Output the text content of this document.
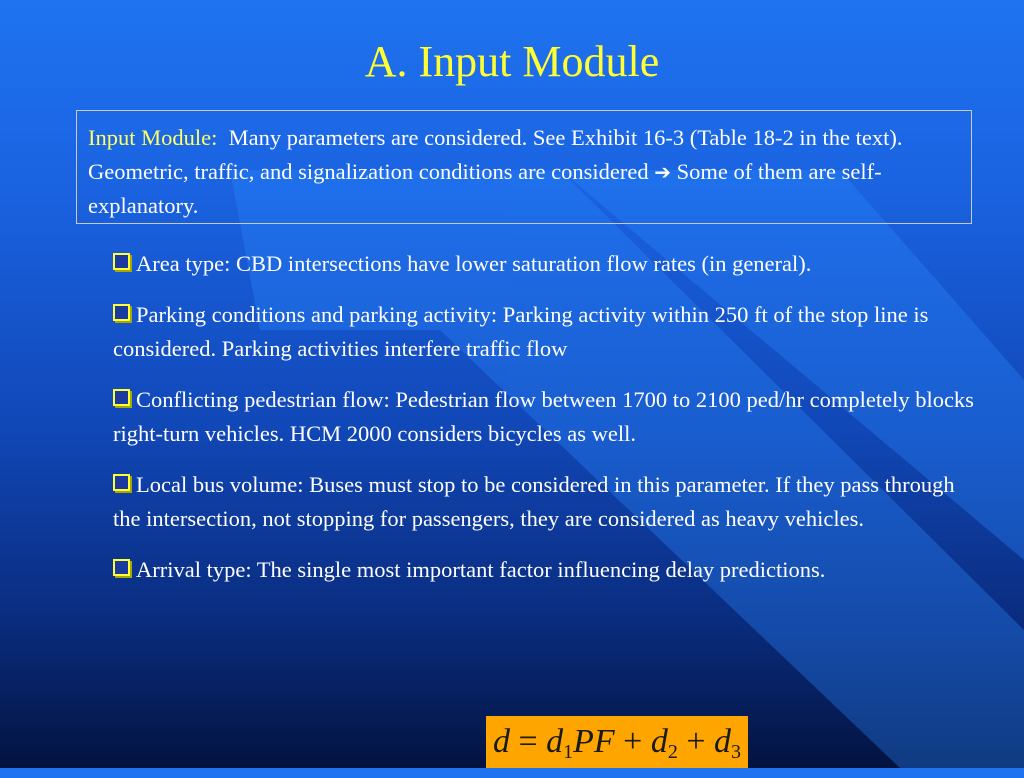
A. Input Module
Input Module: Many parameters are considered. See Exhibit 16-3 (Table 18-2 in the text). Geometric, traffic, and signalization conditions are considered ➔ Some of them are self-explanatory.
Area type: CBD intersections have lower saturation flow rates (in general).
Parking conditions and parking activity: Parking activity within 250 ft of the stop line is considered. Parking activities interfere traffic flow
Conflicting pedestrian flow: Pedestrian flow between 1700 to 2100 ped/hr completely blocks right-turn vehicles. HCM 2000 considers bicycles as well.
Local bus volume: Buses must stop to be considered in this parameter. If they pass through the intersection, not stopping for passengers, they are considered as heavy vehicles.
Arrival type: The single most important factor influencing delay predictions.
$d = d_1PF + d_2 + d_3$
